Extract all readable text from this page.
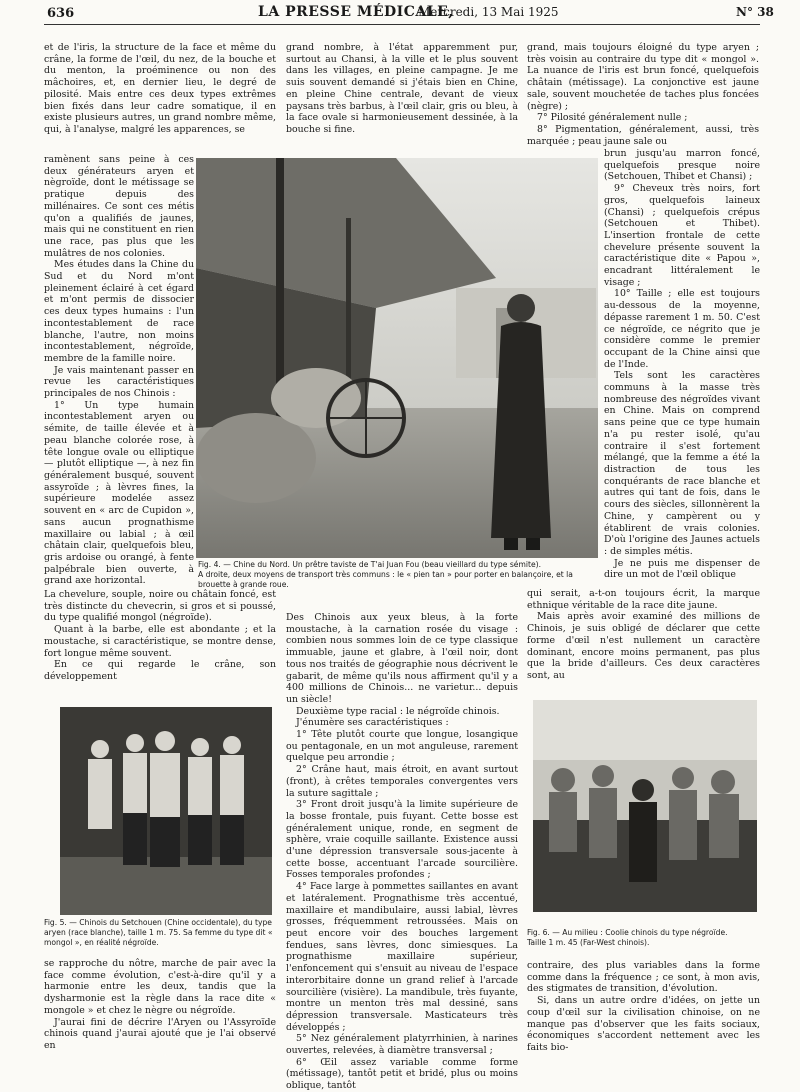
636	LA PRESSE MÉDICALE,
Mercredi, 13 Mai 1925	N° 38

et de l'iris, la structure de la face et même du crâne, la forme de l'œil, du nez, de la bouche et du menton, la proéminence ou non des mâchoires, et, en dernier lieu, le degré de pilosité. Mais entre ces deux types extrêmes bien fixés dans leur cadre somatique, il en existe plusieurs autres, un grand nombre même, qui, à l'analyse, malgré les apparences, se

ramènent sans peine à ces deux générateurs aryen et nègroïde, dont le métissage se pratique depuis des millénaires. Ce sont ces métis qu'on a qualifiés de jaunes, mais qui ne constituent en rien une race, pas plus que les mulâtres de nos colonies.

Mes études dans la Chine du Sud et du Nord m'ont pleinement éclairé à cet égard et m'ont permis de dissocier ces deux types humains : l'un incontestablement de race blanche, l'autre, non moins incontestablement, négroïde, membre de la famille noire.

Je vais maintenant passer en revue les caractéristiques principales de nos Chinois :

1° Un type humain incontestablement aryen ou sémite, de taille élevée et à peau blanche colorée rose, à tête longue ovale ou elliptique — plutôt elliptique —, à nez fin généralement busqué, souvent assyroïde ; à lèvres fines, la supérieure modelée assez souvent en « arc de Cupidon », sans aucun prognathisme maxillaire ou labial ; à œil châtain clair, quelquefois bleu, gris ardoise ou orangé, à fente palpébrale bien ouverte, à grand axe horizontal.

La chevelure, souple, noire ou châtain foncé, est très distincte du chevecrin, si gros et si poussé, du type qualifié mongol (négroïde).

Quant à la barbe, elle est abondante ; et la moustache, si caractéristique, se montre dense, fort longue même souvent.

En ce qui regarde le crâne, son développement

grand nombre, à l'état apparemment pur, surtout au Chansi, à la ville et le plus souvent dans les villages, en pleine campagne. Je me suis souvent demandé si j'étais bien en Chine, en pleine Chine centrale, devant de vieux paysans très barbus, à l'œil clair, gris ou bleu, à la face ovale si harmonieusement dessinée, à la bouche si fine.

grand, mais toujours éloigné du type aryen ; très voisin au contraire du type dit « mongol ». La nuance de l'iris est brun foncé, quelquefois châtain (métissage). La conjonctive est jaune sale, souvent mouchetée de taches plus foncées (nègre) ;

7° Pilosité généralement nulle ;

8° Pigmentation, généralement, aussi, très marquée ; peau jaune sale ou

brun jusqu'au marron foncé, quelquefois presque noire (Setchouen, Thibet et Chansi) ;

9° Cheveux très noirs, fort gros, quelquefois laineux (Chansi) ; quelquefois crépus (Setchouen et Thibet). L'insertion frontale de cette chevelure présente souvent la caractéristique dite « Papou », encadrant littéralement le visage ;

10° Taille ; elle est toujours au-dessous de la moyenne, dépasse rarement 1 m. 50. C'est ce négroïde, ce négrito que je considère comme le premier occupant de la Chine ainsi que de l'Inde.

Tels sont les caractères communs à la masse très nombreuse des négroïdes vivant en Chine. Mais on comprend sans peine que ce type humain n'a pu rester isolé, qu'au contraire il s'est fortement mélangé, que la femme a été la distraction de tous les conquérants de race blanche et autres qui tant de fois, dans le cours des siècles, sillonnèrent la Chine, y campèrent ou y établirent de vrais colonies. D'où l'origine des Jaunes actuels : de simples métis.

Je ne puis me dispenser de dire un mot de l'œil oblique

qui serait, a-t-on toujours écrit, la marque ethnique véritable de la race dite jaune.

Mais après avoir examiné des millions de Chinois, je suis obligé de déclarer que cette forme d'œil n'est nullement un caractère dominant, encore moins permanent, pas plus que la bride d'ailleurs. Ces deux caractères sont, au

Fig. 4. — Chine du Nord. Un prêtre taviste de T'ai Juan Fou (beau vieillard du type sémite).

A droite, deux moyens de transport très communs : le « pien tan » pour porter en balançoire, et la brouette à grande roue.

Des Chinois aux yeux bleus, à la forte moustache, à la carnation rosée du visage : combien nous sommes loin de ce type classique immuable, jaune et glabre, à l'œil noir, dont tous nos traités de géographie nous décrivent le gabarit, de même qu'ils nous affirment qu'il y a 400 millions de Chinois... ne varietur... depuis un siècle!

Deuxième type racial : le négroïde chinois.

J'énumère ses caractéristiques :

1° Tête plutôt courte que longue, losangique ou pentagonale, en un mot anguleuse, rarement quelque peu arrondie ;

2° Crâne haut, mais étroit, en avant surtout (front), à crêtes temporales convergentes vers la suture sagittale ;

3° Front droit jusqu'à la limite supérieure de la bosse frontale, puis fuyant. Cette bosse est généralement unique, ronde, en segment de sphère, vraie coquille saillante. Existence aussi d'une dépression transversale sous-jacente à cette bosse, accentuant l'arcade sourcilière. Fosses temporales profondes ;

4° Face large à pommettes saillantes en avant et latéralement. Prognathisme très accentué, maxillaire et mandibulaire, aussi labial, lèvres grosses, fréquemment retroussées. Mais on peut encore voir des bouches largement fendues, sans lèvres, donc simiesques. La prognathisme maxillaire supérieur, l'enfoncement qui s'ensuit au niveau de l'espace interorbitaire donne un grand relief à l'arcade sourcilière (visière). La mandibule, très fuyante, montre un menton très mal dessiné, sans dépression transversale. Masticateurs très développés ;

5° Nez généralement platyrrhinien, à narines ouvertes, relevées, à diamètre transversal ;

6° Œil assez variable comme forme (métissage), tantôt petit et bridé, plus ou moins oblique, tantôt

Fig. 5. — Chinois du Setchouen (Chine occidentale), du type aryen (race blanche), taille 1 m. 75. Sa femme du type dit « mongol », en réalité négroïde.

se rapproche du nôtre, marche de pair avec la face comme évolution, c'est-à-dire qu'il y a harmonie entre les deux, tandis que la dysharmonie est la règle dans la race dite « mongole » et chez le nègre ou négroïde.

J'aurai fini de décrire l'Aryen ou l'Assyroïde chinois quand j'aurai ajouté que je l'ai observé en

Fig. 6. — Au milieu : Coolie chinois du type négroïde.

Taille 1 m. 45 (Far-West chinois).

contraire, des plus variables dans la forme comme dans la fréquence ; ce sont, à mon avis, des stigmates de transition, d'évolution.

Si, dans un autre ordre d'idées, on jette un coup d'œil sur la civilisation chinoise, on ne manque pas d'observer que les faits sociaux, économiques s'accordent nettement avec les faits bio-
